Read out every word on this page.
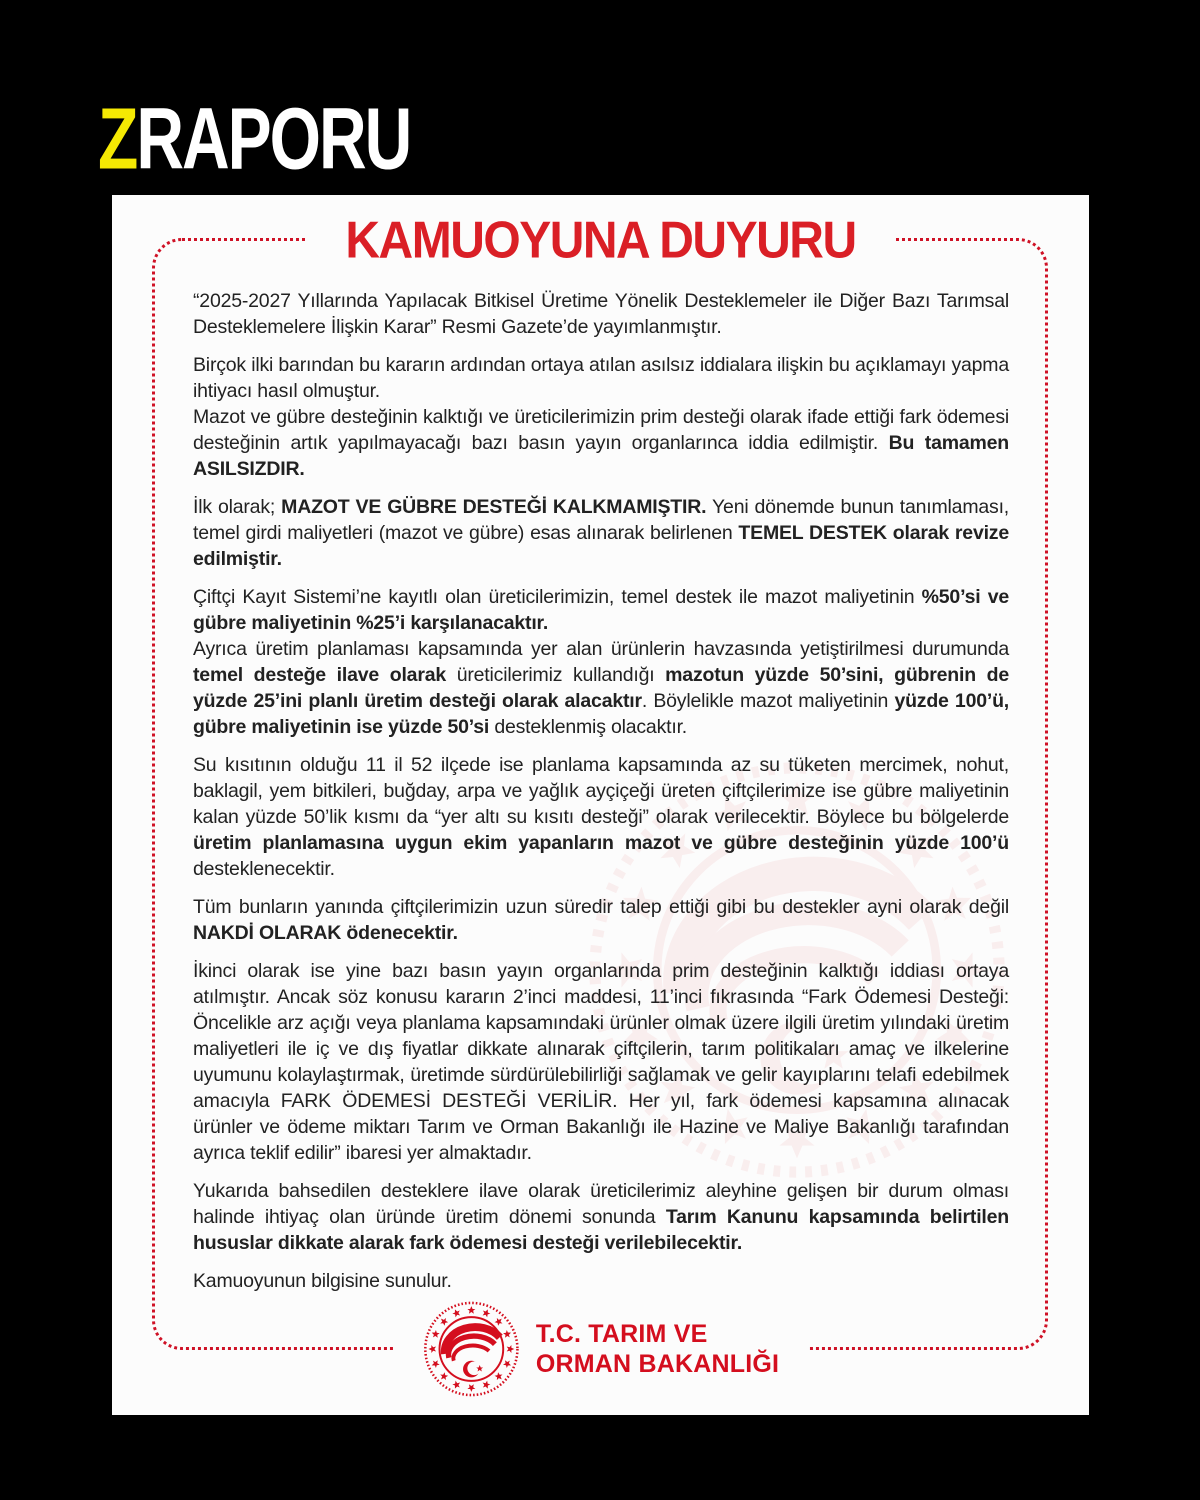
ZRAPORU
KAMUOYUNA DUYURU

“2025-2027 Yıllarında Yapılacak Bitkisel Üretime Yönelik Desteklemeler ile Diğer Bazı Tarımsal Desteklemelere İlişkin Karar” Resmi Gazete’de yayımlanmıştır.

Birçok ilki barından bu kararın ardından ortaya atılan asılsız iddialara ilişkin bu açıklamayı yapma ihtiyacı hasıl olmuştur.

Mazot ve gübre desteğinin kalktığı ve üreticilerimizin prim desteği olarak ifade ettiği fark ödemesi desteğinin artık yapılmayacağı bazı basın yayın organlarınca iddia edilmiştir. Bu tamamen ASILSIZDIR.

İlk olarak; MAZOT VE GÜBRE DESTEĞİ KALKMAMIŞTIR. Yeni dönemde bunun tanımlaması, temel girdi maliyetleri (mazot ve gübre) esas alınarak belirlenen TEMEL DESTEK olarak revize edilmiştir.

Çiftçi Kayıt Sistemi’ne kayıtlı olan üreticilerimizin, temel destek ile mazot maliyetinin %50’si ve gübre maliyetinin %25’i karşılanacaktır.

Ayrıca üretim planlaması kapsamında yer alan ürünlerin havzasında yetiştirilmesi durumunda temel desteğe ilave olarak üreticilerimiz kullandığı mazotun yüzde 50’sini, gübrenin de yüzde 25’ini planlı üretim desteği olarak alacaktır. Böylelikle mazot maliyetinin yüzde 100’ü, gübre maliyetinin ise yüzde 50’si desteklenmiş olacaktır.

Su kısıtının olduğu 11 il 52 ilçede ise planlama kapsamında az su tüketen mercimek, nohut, baklagil, yem bitkileri, buğday, arpa ve yağlık ayçiçeği üreten çiftçilerimize ise gübre maliyetinin kalan yüzde 50’lik kısmı da “yer altı su kısıtı desteği” olarak verilecektir. Böylece bu bölgelerde üretim planlamasına uygun ekim yapanların mazot ve gübre desteğinin yüzde 100’ü desteklenecektir.

Tüm bunların yanında çiftçilerimizin uzun süredir talep ettiği gibi bu destekler ayni olarak değil NAKDİ OLARAK ödenecektir.

İkinci olarak ise yine bazı basın yayın organlarında prim desteğinin kalktığı iddiası ortaya atılmıştır. Ancak söz konusu kararın 2’inci maddesi, 11’inci fıkrasında “Fark Ödemesi Desteği: Öncelikle arz açığı veya planlama kapsamındaki ürünler olmak üzere ilgili üretim yılındaki üretim maliyetleri ile iç ve dış fiyatlar dikkate alınarak çiftçilerin, tarım politikaları amaç ve ilkelerine uyumunu kolaylaştırmak, üretimde sürdürülebilirliği sağlamak ve gelir kayıplarını telafi edebilmek amacıyla FARK ÖDEMESİ DESTEĞİ VERİLİR. Her yıl, fark ödemesi kapsamına alınacak ürünler ve ödeme miktarı Tarım ve Orman Bakanlığı ile Hazine ve Maliye Bakanlığı tarafından ayrıca teklif edilir” ibaresi yer almaktadır.

Yukarıda bahsedilen desteklere ilave olarak üreticilerimiz aleyhine gelişen bir durum olması halinde ihtiyaç olan üründe üretim dönemi sonunda Tarım Kanunu kapsamında belirtilen hususlar dikkate alarak fark ödemesi desteği verilebilecektir.

Kamuoyunun bilgisine sunulur.

T.C. TARIM VE
ORMAN BAKANLIĞI
